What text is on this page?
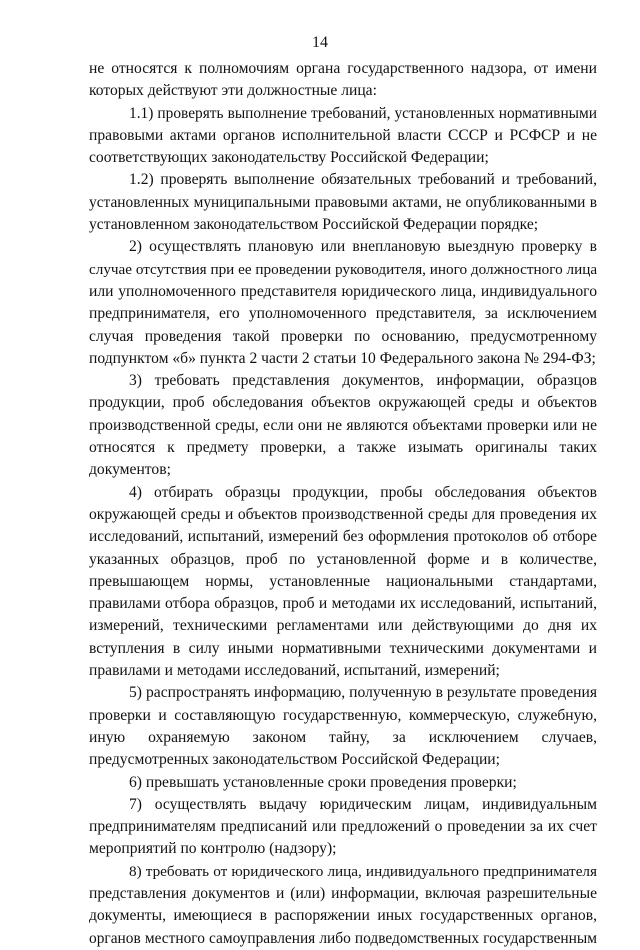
14
не относятся к полномочиям органа государственного надзора, от имени
которых действуют эти должностные лица:
1.1) проверять выполнение требований, установленных нормативными
правовыми актами органов исполнительной власти СССР и РСФСР и не
соответствующих законодательству Российской Федерации;
1.2) проверять выполнение обязательных требований и требований,
установленных муниципальными правовыми актами, не опубликованными в
установленном законодательством Российской Федерации порядке;
2) осуществлять плановую или внеплановую выездную проверку в
случае отсутствия при ее проведении руководителя, иного должностного лица
или уполномоченного представителя юридического лица, индивидуального
предпринимателя, его уполномоченного представителя, за исключением
случая проведения такой проверки по основанию, предусмотренному
подпунктом «б» пункта 2 части 2 статьи 10 Федерального закона № 294-ФЗ;
3) требовать представления документов, информации, образцов
продукции, проб обследования объектов окружающей среды и объектов
производственной среды, если они не являются объектами проверки или не
относятся к предмету проверки, а также изымать оригиналы таких
документов;
4) отбирать образцы продукции, пробы обследования объектов
окружающей среды и объектов производственной среды для проведения их
исследований, испытаний, измерений без оформления протоколов об отборе
указанных образцов, проб по установленной форме и в количестве,
превышающем нормы, установленные национальными стандартами,
правилами отбора образцов, проб и методами их исследований, испытаний,
измерений, техническими регламентами или действующими до дня их
вступления в силу иными нормативными техническими документами и
правилами и методами исследований, испытаний, измерений;
5) распространять информацию, полученную в результате проведения
проверки и составляющую государственную, коммерческую, служебную,
иную охраняемую законом тайну, за исключением случаев,
предусмотренных законодательством Российской Федерации;
6) превышать установленные сроки проведения проверки;
7) осуществлять выдачу юридическим лицам, индивидуальным
предпринимателям предписаний или предложений о проведении за их счет
мероприятий по контролю (надзору);
8) требовать от юридического лица, индивидуального предпринимателя
представления документов и (или) информации, включая разрешительные
документы, имеющиеся в распоряжении иных государственных органов,
органов местного самоуправления либо подведомственных государственным
